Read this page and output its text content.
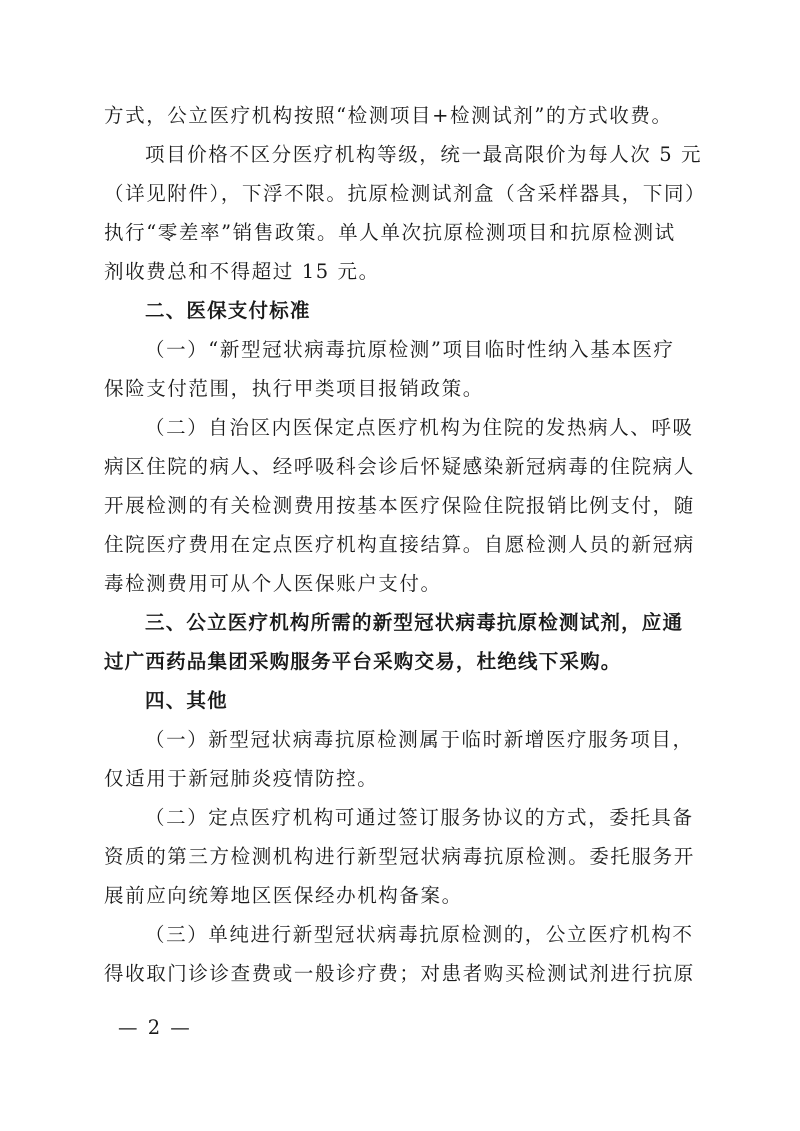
方式，公立医疗机构按照“检测项目+检测试剂”的方式收费。
项目价格不区分医疗机构等级，统一最高限价为每人次 5 元
（详见附件），下浮不限。抗原检测试剂盒（含采样器具，下同）
执行“零差率”销售政策。单人单次抗原检测项目和抗原检测试
剂收费总和不得超过 15 元。
二、医保支付标准
（一）“新型冠状病毒抗原检测”项目临时性纳入基本医疗
保险支付范围，执行甲类项目报销政策。
（二）自治区内医保定点医疗机构为住院的发热病人、呼吸
病区住院的病人、经呼吸科会诊后怀疑感染新冠病毒的住院病人
开展检测的有关检测费用按基本医疗保险住院报销比例支付，随
住院医疗费用在定点医疗机构直接结算。自愿检测人员的新冠病
毒检测费用可从个人医保账户支付。
三、公立医疗机构所需的新型冠状病毒抗原检测试剂，应通
过广西药品集团采购服务平台采购交易，杜绝线下采购。
四、其他
（一）新型冠状病毒抗原检测属于临时新增医疗服务项目，
仅适用于新冠肺炎疫情防控。
（二）定点医疗机构可通过签订服务协议的方式，委托具备
资质的第三方检测机构进行新型冠状病毒抗原检测。委托服务开
展前应向统筹地区医保经办机构备案。
（三）单纯进行新型冠状病毒抗原检测的，公立医疗机构不
得收取门诊诊查费或一般诊疗费；对患者购买检测试剂进行抗原
— 2 —
